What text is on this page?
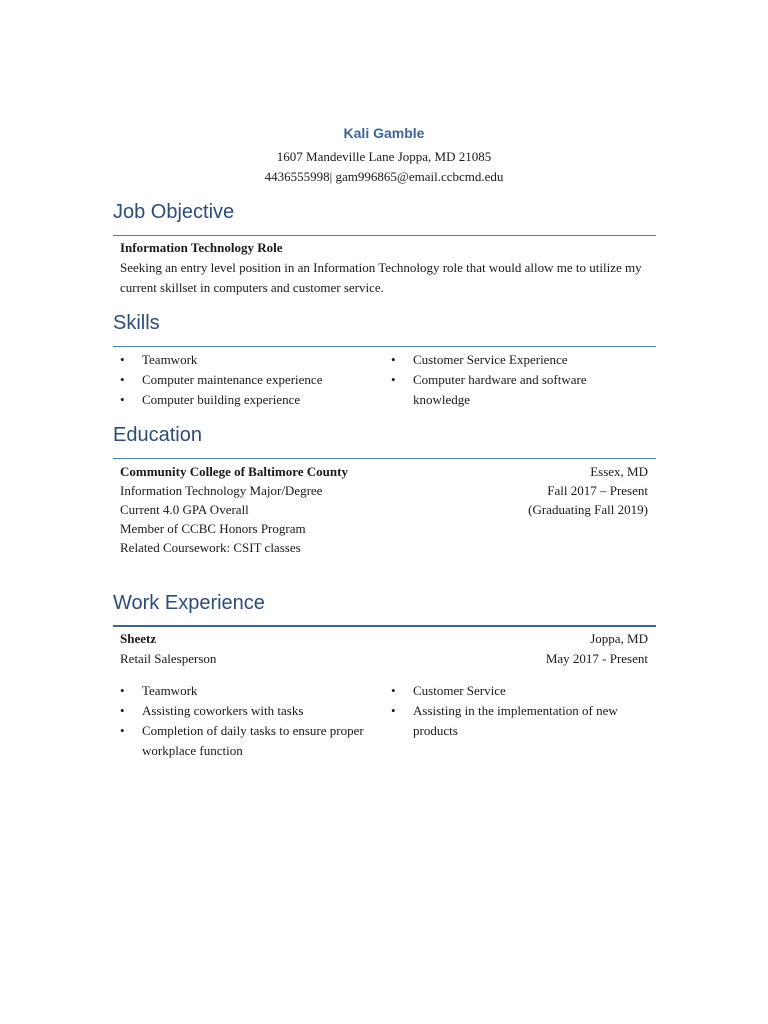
Kali Gamble
1607 Mandeville Lane Joppa, MD 21085
4436555998| gam996865@email.ccbcmd.edu
Job Objective
Information Technology Role
Seeking an entry level position in an Information Technology role that would allow me to utilize my current skillset in computers and customer service.
Skills
• Teamwork
• Computer maintenance experience
• Computer building experience
• Customer Service Experience
• Computer hardware and software knowledge
Education
Community College of Baltimore County	Essex, MD
Information Technology Major/Degree	Fall 2017 – Present
Current 4.0 GPA Overall	(Graduating Fall 2019)
Member of CCBC Honors Program
Related Coursework: CSIT classes
Work Experience
Sheetz	Joppa, MD
Retail Salesperson	May 2017 - Present
• Teamwork
• Assisting coworkers with tasks
• Completion of daily tasks to ensure proper workplace function
• Customer Service
• Assisting in the implementation of new products
